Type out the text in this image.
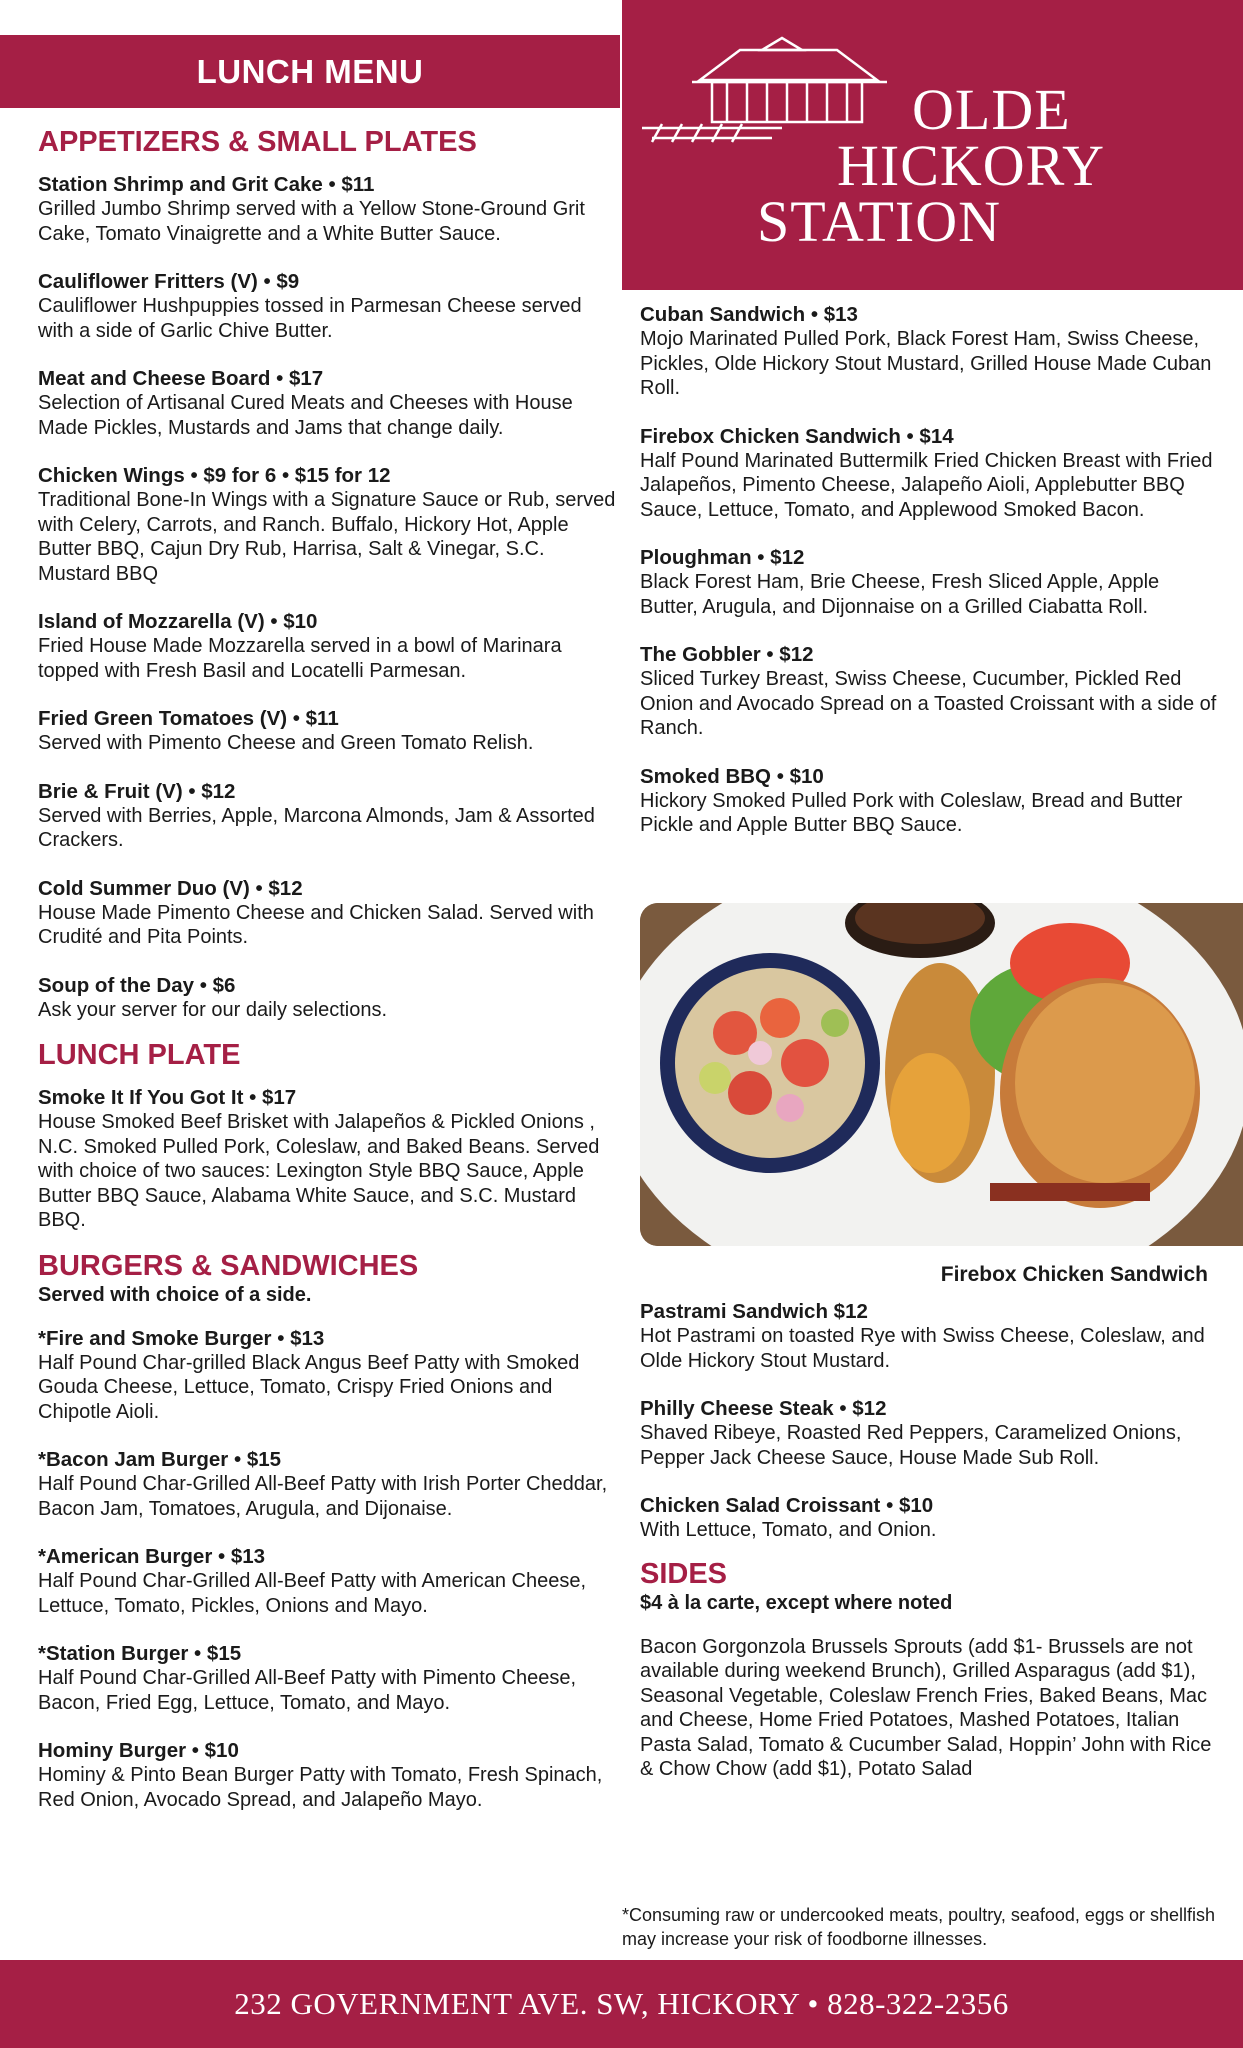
LUNCH MENU
OLDE
HICKORY
STATION
APPETIZERS & SMALL PLATES
Station Shrimp and Grit Cake • $11
Grilled Jumbo Shrimp served with a Yellow Stone-Ground Grit Cake, Tomato Vinaigrette and a White Butter Sauce.
Cauliflower Fritters (V) • $9
Cauliflower Hushpuppies tossed in Parmesan Cheese served with a side of Garlic Chive Butter.
Meat and Cheese Board • $17
Selection of Artisanal Cured Meats and Cheeses with House Made Pickles, Mustards and Jams that change daily.
Chicken Wings • $9 for 6 • $15 for 12
Traditional Bone-In Wings with a Signature Sauce or Rub, served with Celery, Carrots, and Ranch. Buffalo, Hickory Hot, Apple Butter BBQ, Cajun Dry Rub, Harrisa, Salt & Vinegar, S.C. Mustard BBQ
Island of Mozzarella (V) • $10
Fried House Made Mozzarella served in a bowl of Marinara topped with Fresh Basil and Locatelli Parmesan.
Fried Green Tomatoes (V) • $11
Served with Pimento Cheese and Green Tomato Relish.
Brie & Fruit (V) • $12
Served with Berries, Apple, Marcona Almonds, Jam & Assorted Crackers.
Cold Summer Duo (V) • $12
House Made Pimento Cheese and Chicken Salad. Served with Crudité and Pita Points.
Soup of the Day • $6
Ask your server for our daily selections.
LUNCH PLATE
Smoke It If You Got It • $17
House Smoked Beef Brisket with Jalapeños & Pickled Onions , N.C. Smoked Pulled Pork, Coleslaw, and Baked Beans. Served with choice of two sauces: Lexington Style BBQ Sauce, Apple Butter BBQ Sauce, Alabama White Sauce, and S.C. Mustard BBQ.
BURGERS & SANDWICHES
Served with choice of a side.
*Fire and Smoke Burger • $13
Half Pound Char-grilled Black Angus Beef Patty with Smoked Gouda Cheese, Lettuce, Tomato, Crispy Fried Onions and Chipotle Aioli.
*Bacon Jam Burger • $15
Half Pound Char-Grilled All-Beef Patty with Irish Porter Cheddar, Bacon Jam, Tomatoes, Arugula, and Dijonaise.
*American Burger • $13
Half Pound Char-Grilled All-Beef Patty with American Cheese, Lettuce, Tomato, Pickles, Onions and Mayo.
*Station Burger • $15
Half Pound Char-Grilled All-Beef Patty with Pimento Cheese, Bacon, Fried Egg, Lettuce, Tomato, and Mayo.
Hominy Burger • $10
Hominy & Pinto Bean Burger Patty with Tomato, Fresh Spinach, Red Onion, Avocado Spread, and Jalapeño Mayo.
Cuban Sandwich • $13
Mojo Marinated Pulled Pork, Black Forest Ham, Swiss Cheese, Pickles, Olde Hickory Stout Mustard, Grilled House Made Cuban Roll.
Firebox Chicken Sandwich • $14
Half Pound Marinated Buttermilk Fried Chicken Breast with Fried Jalapeños, Pimento Cheese, Jalapeño Aioli, Applebutter BBQ Sauce, Lettuce, Tomato, and Applewood Smoked Bacon.
Ploughman • $12
Black Forest Ham, Brie Cheese, Fresh Sliced Apple, Apple Butter, Arugula, and Dijonnaise on a Grilled Ciabatta Roll.
The Gobbler • $12
Sliced Turkey Breast, Swiss Cheese, Cucumber, Pickled Red Onion and Avocado Spread on a Toasted Croissant with a side of Ranch.
Smoked BBQ • $10
Hickory Smoked Pulled Pork with Coleslaw, Bread and Butter Pickle and Apple Butter BBQ Sauce.
Firebox Chicken Sandwich
Pastrami Sandwich $12
Hot Pastrami on toasted Rye with Swiss Cheese, Coleslaw, and Olde Hickory Stout Mustard.
Philly Cheese Steak • $12
Shaved Ribeye, Roasted Red Peppers, Caramelized Onions, Pepper Jack Cheese Sauce, House Made Sub Roll.
Chicken Salad Croissant • $10
With Lettuce, Tomato, and Onion.
SIDES
$4 à la carte, except where noted
Bacon Gorgonzola Brussels Sprouts (add $1- Brussels are not available during weekend Brunch), Grilled Asparagus (add $1), Seasonal Vegetable, Coleslaw French Fries, Baked Beans, Mac and Cheese, Home Fried Potatoes, Mashed Potatoes, Italian Pasta Salad, Tomato & Cucumber Salad, Hoppin’ John with Rice & Chow Chow (add $1), Potato Salad
*Consuming raw or undercooked meats, poultry, seafood, eggs or shellfish may increase your risk of foodborne illnesses.
232 GOVERNMENT AVE. SW, HICKORY • 828-322-2356
